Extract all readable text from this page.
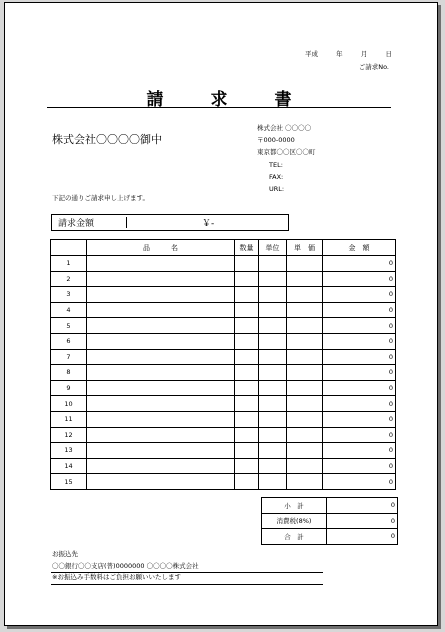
平成	年	月	日
ご請求No.
請	求	書
株式会社〇〇〇〇御中
株式会社 〇〇〇〇
〒000-0000
東京都〇〇区〇〇町
TEL:
FAX:
URL:
下記の通りご請求申し上げます。
請求金額	￥-
	品　　　名	数量	単位	単　価	金　額
1					0
2					0
3					0
4					0
5					0
6					0
7					0
8					0
9					0
10					0
11					0
12					0
13					0
14					0
15					0
小　計	0
消費税(8%)	0
合　計	0
お振込先
〇〇銀行〇〇支店(普)0000000 〇〇〇〇株式会社
※お振込み手数料はご負担お願いいたします
